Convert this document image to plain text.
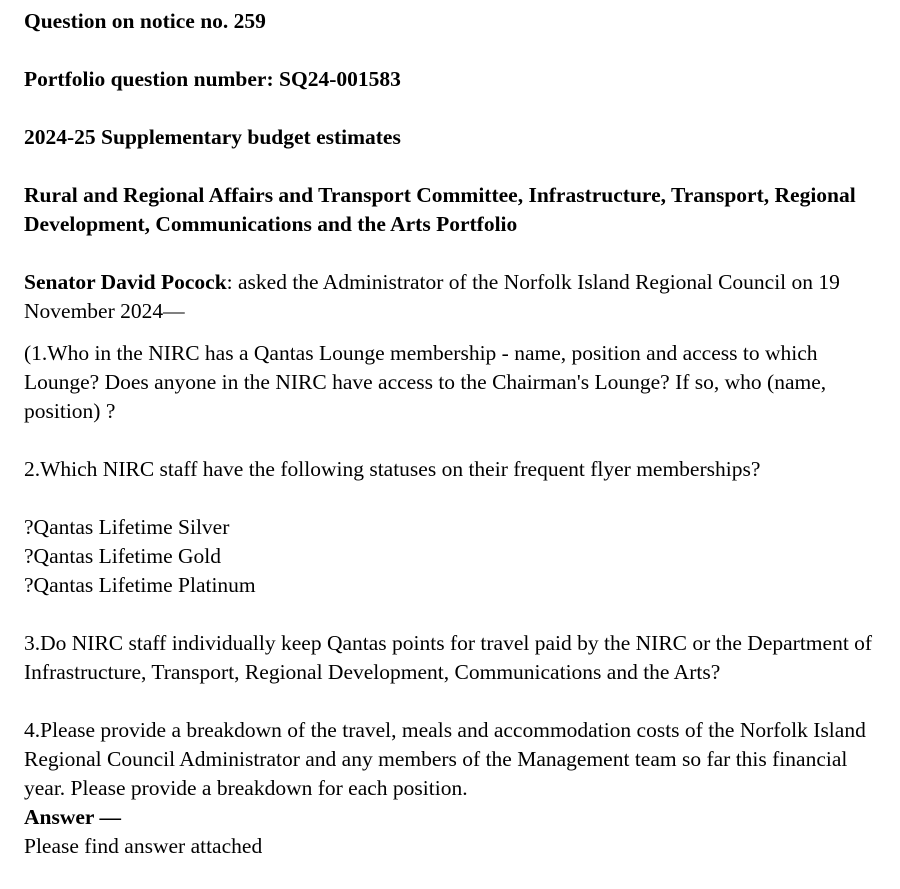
Question on notice no. 259

Portfolio question number: SQ24-001583

2024-25 Supplementary budget estimates

Rural and Regional Affairs and Transport Committee, Infrastructure, Transport, Regional Development, Communications and the Arts Portfolio

Senator David Pocock: asked the Administrator of the Norfolk Island Regional Council on 19 November 2024—

(1.Who in the NIRC has a Qantas Lounge membership - name, position and access to which Lounge? Does anyone in the NIRC have access to the Chairman's Lounge? If so, who (name, position) ?

2.Which NIRC staff have the following statuses on their frequent flyer memberships?

?Qantas Lifetime Silver

?Qantas Lifetime Gold

?Qantas Lifetime Platinum

3.Do NIRC staff individually keep Qantas points for travel paid by the NIRC or the Department of Infrastructure, Transport, Regional Development, Communications and the Arts?

4.Please provide a breakdown of the travel, meals and accommodation costs of the Norfolk Island Regional Council Administrator and any members of the Management team so far this financial year. Please provide a breakdown for each position.

Answer —

Please find answer attached
